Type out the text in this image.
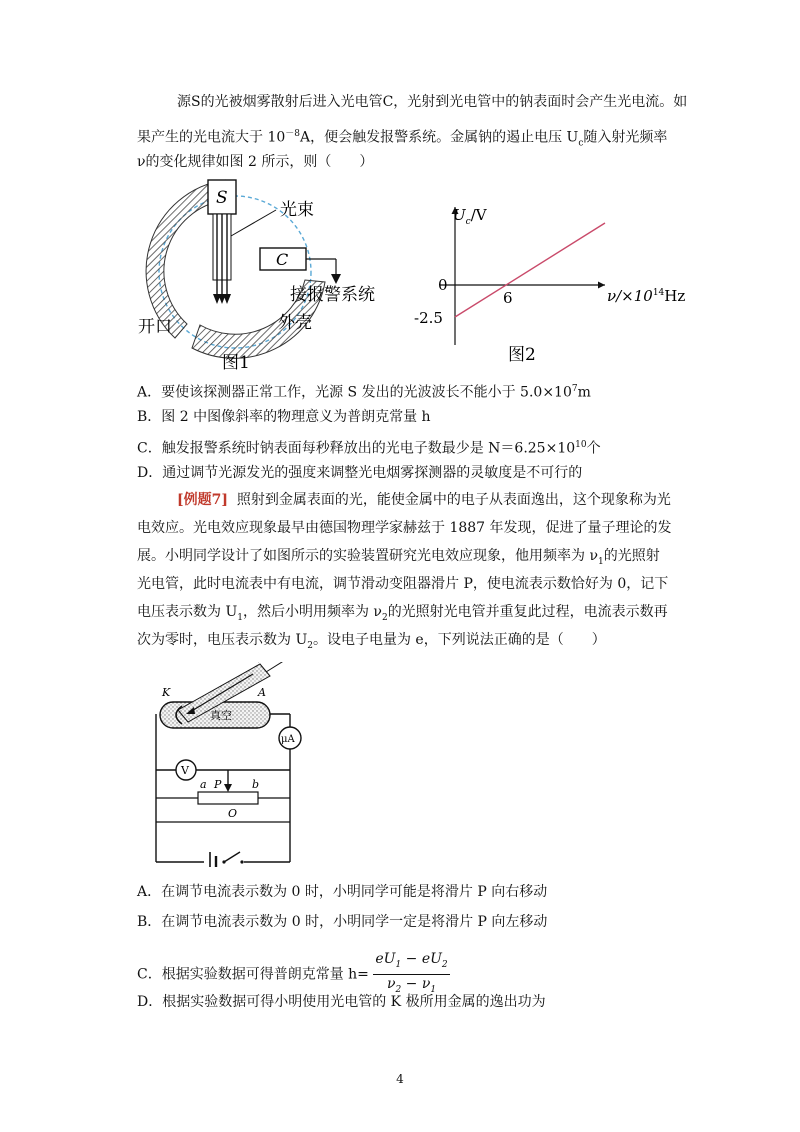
源S的光被烟雾散射后进入光电管C，光射到光电管中的钠表面时会产生光电流。如
果产生的光电流大于 $10^{-8}A$，便会触发报警系统。金属钠的遏止电压 $U_c$随入射光频率
ν的变化规律如图 2 所示，则（　　）
S
光束
C
接报警系统
开口	外壳
图1
$U_c/V$
0
6
-2.5
$\nu/\times 10^{14}Hz$
图2
A．要使该探测器正常工作，光源 S 发出的光波波长不能小于 $5.0\times 10^7m$
B．图 2 中图像斜率的物理意义为普朗克常量 h
C．触发报警系统时钠表面每秒释放出的光电子数最少是 $N=6.25\times 10^{10}$个
D．通过调节光源发光的强度来调整光电烟雾探测器的灵敏度是不可行的
[例题7] 照射到金属表面的光，能使金属中的电子从表面逸出，这个现象称为光
电效应。光电效应现象最早由德国物理学家赫兹于 1887 年发现，促进了量子理论的发
展。小明同学设计了如图所示的实验装置研究光电效应现象，他用频率为 $\nu_1$的光照射
光电管，此时电流表中有电流，调节滑动变阻器滑片 P，使电流表示数恰好为 0，记下
电压表示数为 $U_1$，然后小明用频率为 $\nu_2$的光照射光电管并重复此过程，电流表示数再
次为零时，电压表示数为 $U_2$。设电子电量为 e，下列说法正确的是（　　）
真空
K	A
μA
V
a P	b
O
A．在调节电流表示数为 0 时，小明同学可能是将滑片 P 向右移动
B．在调节电流表示数为 0 时，小明同学一定是将滑片 P 向左移动
C．根据实验数据可得普朗克常量 $h= \frac{eU_1 - eU_2}{\nu_2 - \nu_1}$
D．根据实验数据可得小明使用光电管的 K 极所用金属的逸出功为
4
